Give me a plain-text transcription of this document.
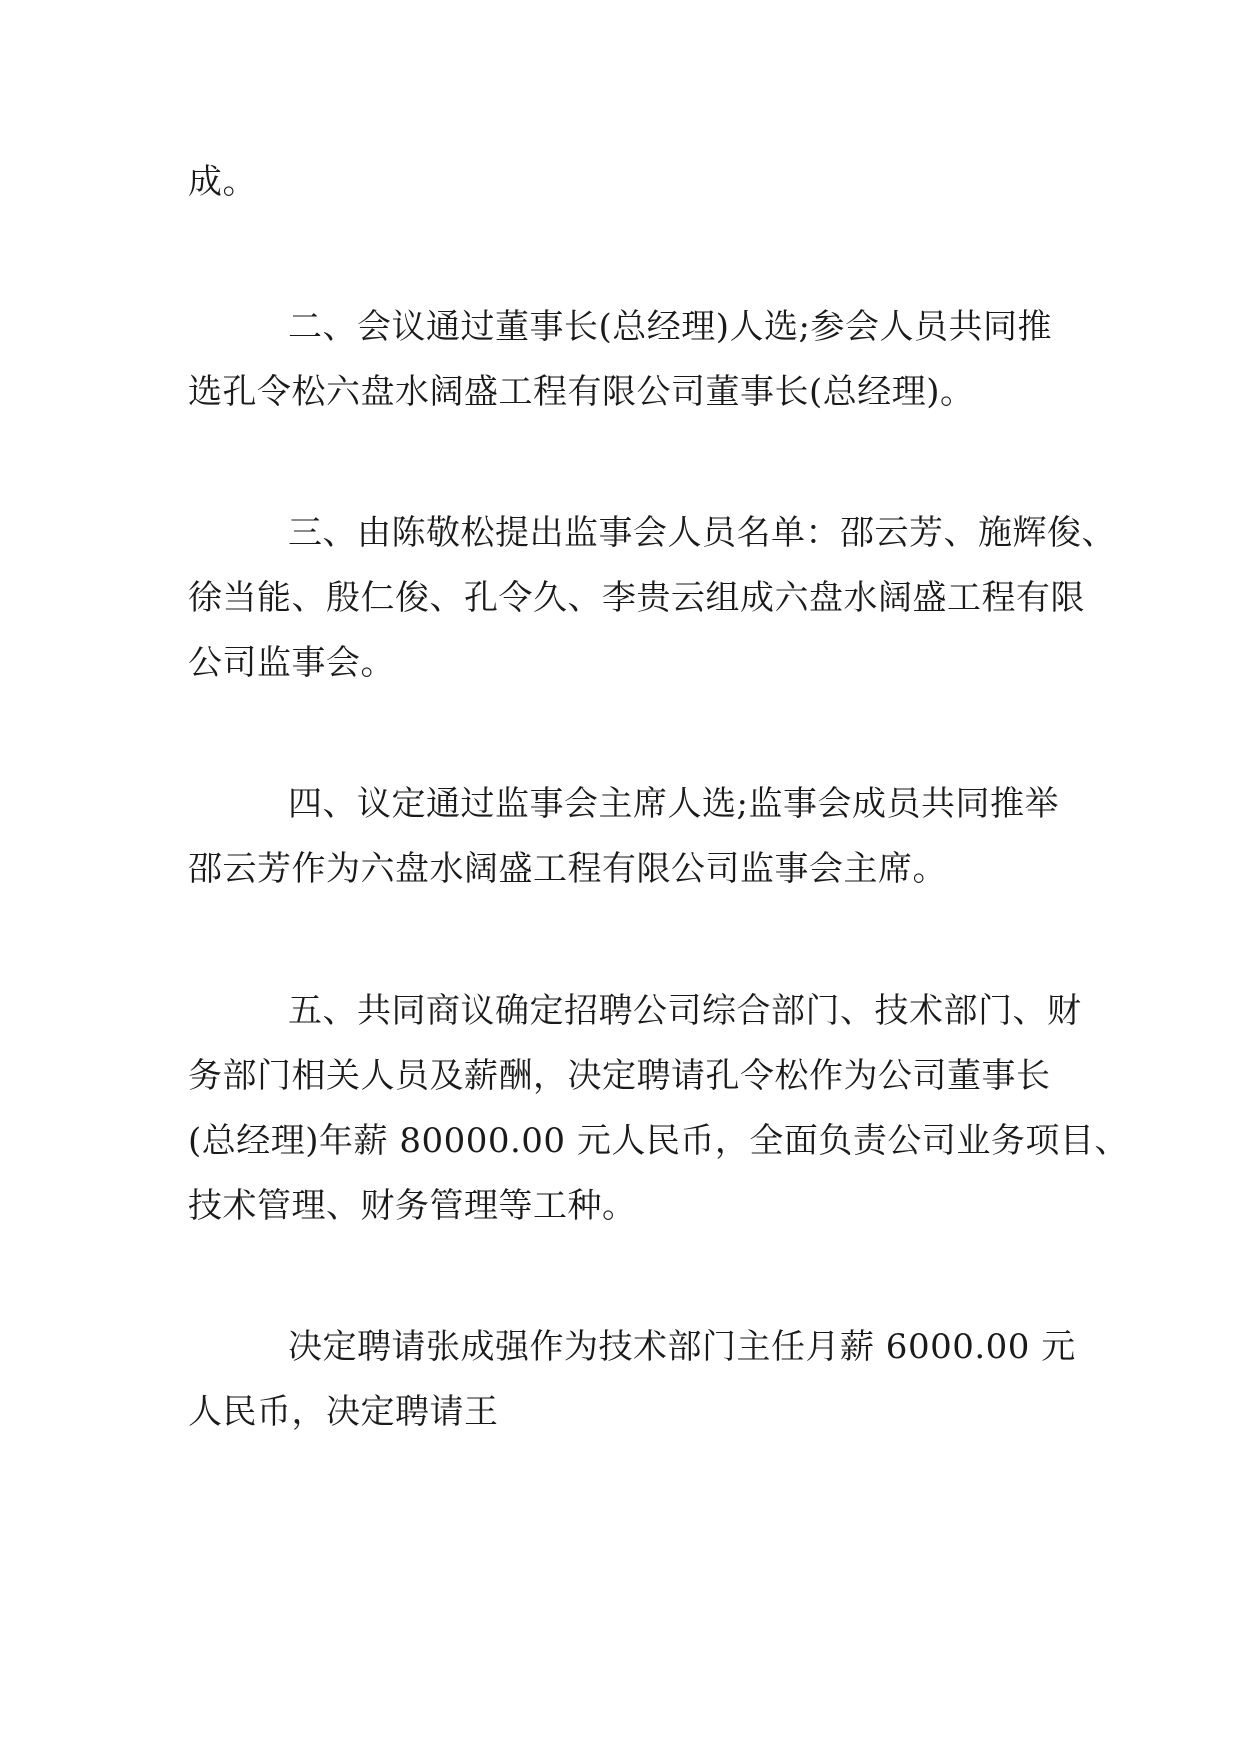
成。
二、会议通过董事长(总经理)人选;参会人员共同推
选孔令松六盘水阔盛工程有限公司董事长(总经理)。
三、由陈敬松提出监事会人员名单：邵云芳、施辉俊、
徐当能、殷仁俊、孔令久、李贵云组成六盘水阔盛工程有限
公司监事会。
四、议定通过监事会主席人选;监事会成员共同推举
邵云芳作为六盘水阔盛工程有限公司监事会主席。
五、共同商议确定招聘公司综合部门、技术部门、财
务部门相关人员及薪酬，决定聘请孔令松作为公司董事长
(总经理)年薪 80000.00 元人民币，全面负责公司业务项目、
技术管理、财务管理等工种。
决定聘请张成强作为技术部门主任月薪 6000.00 元
人民币，决定聘请王
